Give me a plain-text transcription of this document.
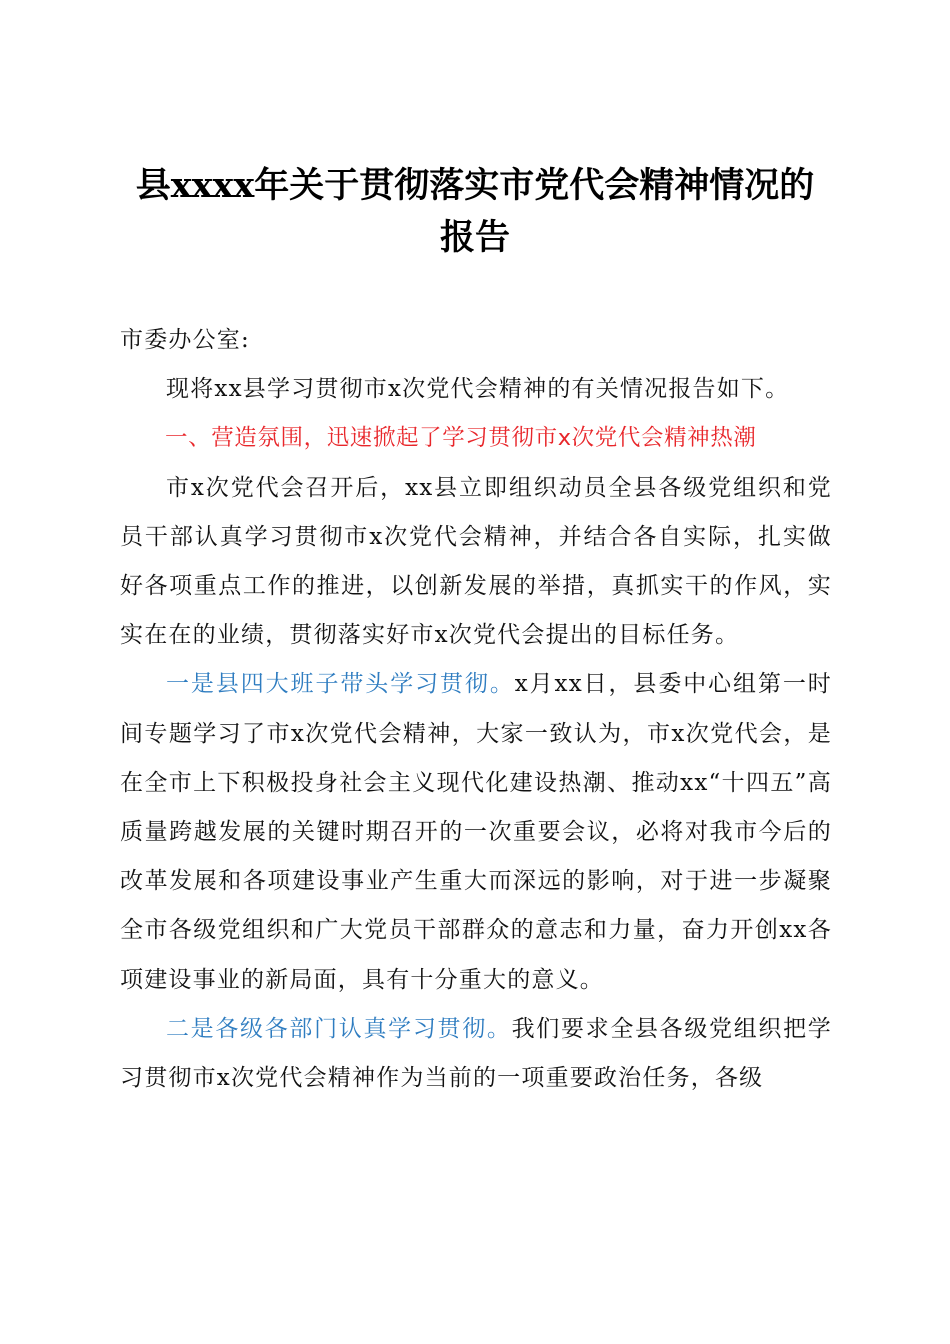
县xxxx年关于贯彻落实市党代会精神情况的
报告

市委办公室:

现将xx县学习贯彻市x次党代会精神的有关情况报告如下。

一、营造氛围，迅速掀起了学习贯彻市x次党代会精神热潮

市x次党代会召开后，xx县立即组织动员全县各级党组织和党员干部认真学习贯彻市x次党代会精神，并结合各自实际，扎实做好各项重点工作的推进，以创新发展的举措，真抓实干的作风，实实在在的业绩，贯彻落实好市x次党代会提出的目标任务。

一是县四大班子带头学习贯彻。x月xx日，县委中心组第一时间专题学习了市x次党代会精神，大家一致认为，市x次党代会，是在全市上下积极投身社会主义现代化建设热潮、推动xx“十四五”高质量跨越发展的关键时期召开的一次重要会议，必将对我市今后的改革发展和各项建设事业产生重大而深远的影响，对于进一步凝聚全市各级党组织和广大党员干部群众的意志和力量，奋力开创xx各项建设事业的新局面，具有十分重大的意义。

二是各级各部门认真学习贯彻。我们要求全县各级党组织把学习贯彻市x次党代会精神作为当前的一项重要政治任务，各级
